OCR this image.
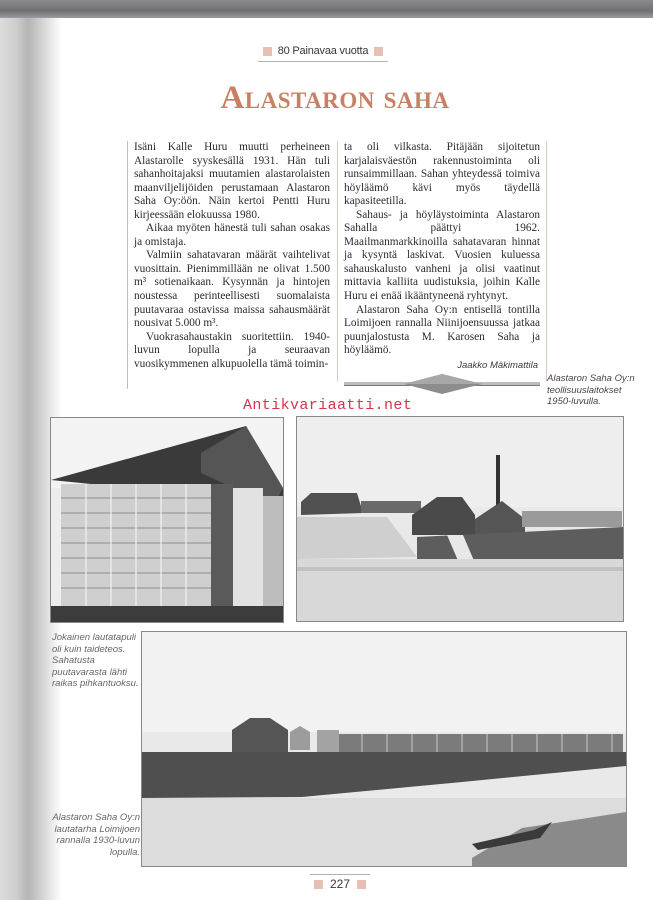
80 Painavaa vuotta
Alastaron saha

Isäni Kalle Huru muutti perheineen Alastarolle syyskesällä 1931. Hän tuli sahanhoitajaksi muutamien alastarolaisten maanviljelijöiden perustamaan Alastaron Saha Oy:öön. Näin kertoi Pentti Huru kirjeessään elokuussa 1980.

Aikaa myöten hänestä tuli sahan osakas ja omistaja.

Valmiin sahatavaran määrät vaihtelivat vuosittain. Pienimmillään ne olivat 1.500 m³ sotienaikaan. Kysynnän ja hintojen noustessa perinteellisesti suomalaista puutavaraa ostavissa maissa sahausmäärät nousivat 5.000 m³.

Vuokrasahaustakin suoritettiin. 1940-luvun lopulla ja seuraavan vuosikymmenen alkupuolella tämä toimin-

ta oli vilkasta. Pitäjään sijoitetun karjalaisväestön rakennustoiminta oli runsaimmillaan. Sahan yhteydessä toimiva höyläämö kävi myös täydellä kapasiteetilla.

Sahaus- ja höyläystoiminta Alastaron Sahalla päättyi 1962. Maailmanmarkkinoilla sahatavaran hinnat ja kysyntä laskivat. Vuosien kuluessa sahauskalusto vanheni ja olisi vaatinut mittavia kalliita uudistuksia, joihin Kalle Huru ei enää ikääntyneenä ryhtynyt.

Alastaron Saha Oy:n entisellä tontilla Loimijoen rannalla Niinijoensuussa jatkaa puunjalostusta M. Karosen Saha ja höyläämö.

Jaakko Mäkimattila
Antikvariaatti.net
Alastaron Saha Oy:n teollisuuslaitokset 1950-luvulla.
Jokainen lautatapuli oli kuin taideteos. Sahatusta puutavarasta lähti raikas pihkantuoksu.
Alastaron Saha Oy:n lautatarha Loimijoen rannalla 1930-luvun lopulla.
227
